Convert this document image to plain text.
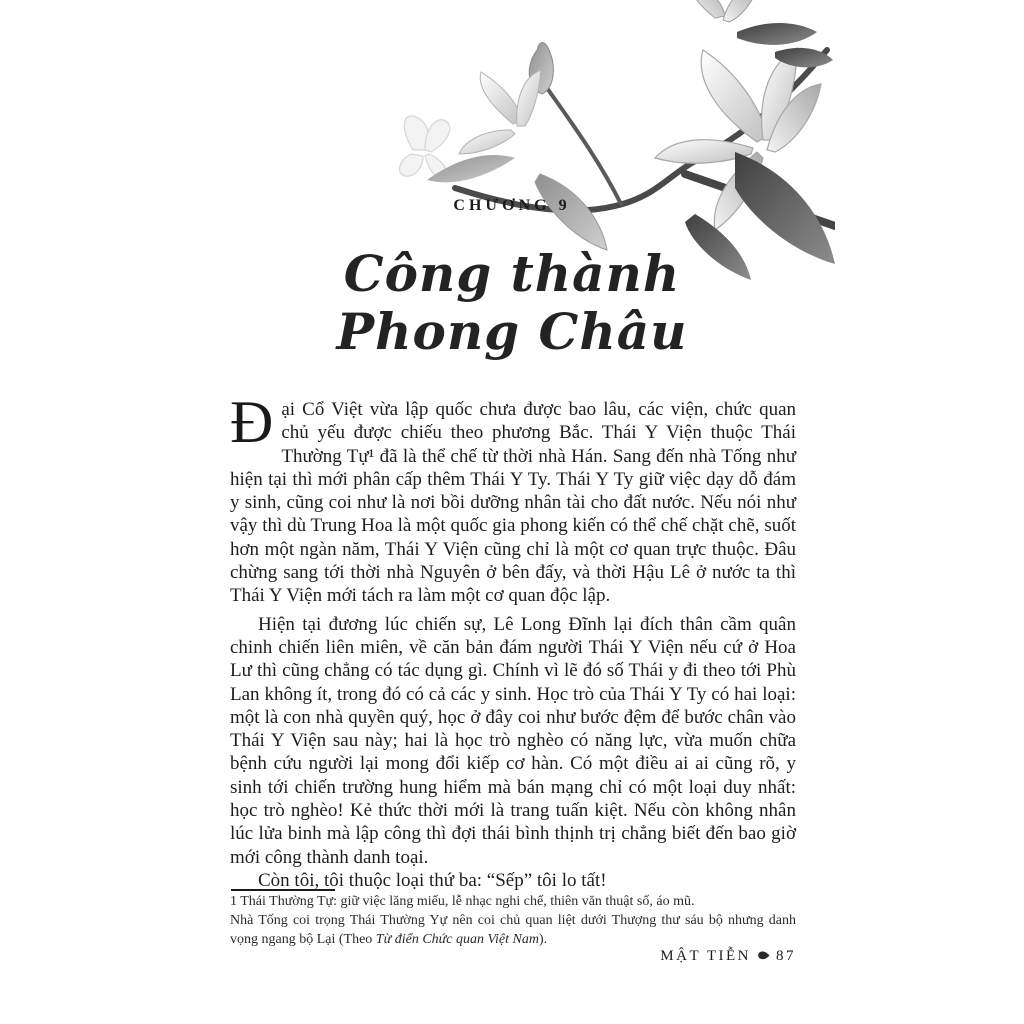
CHƯƠNG 9
Công thành
Phong Châu

Đại Cổ Việt vừa lập quốc chưa được bao lâu, các viện, chức quan chủ yếu được chiếu theo phương Bắc. Thái Y Viện thuộc Thái Thường Tự¹ đã là thể chế từ thời nhà Hán. Sang đến nhà Tống như hiện tại thì mới phân cấp thêm Thái Y Ty. Thái Y Ty giữ việc dạy dỗ đám y sinh, cũng coi như là nơi bồi dưỡng nhân tài cho đất nước. Nếu nói như vậy thì dù Trung Hoa là một quốc gia phong kiến có thể chế chặt chẽ, suốt hơn một ngàn năm, Thái Y Viện cũng chỉ là một cơ quan trực thuộc. Đâu chừng sang tới thời nhà Nguyên ở bên đấy, và thời Hậu Lê ở nước ta thì Thái Y Viện mới tách ra làm một cơ quan độc lập.

Hiện tại đương lúc chiến sự, Lê Long Đĩnh lại đích thân cầm quân chinh chiến liên miên, về căn bản đám người Thái Y Viện nếu cứ ở Hoa Lư thì cũng chẳng có tác dụng gì. Chính vì lẽ đó số Thái y đi theo tới Phù Lan không ít, trong đó có cả các y sinh. Học trò của Thái Y Ty có hai loại: một là con nhà quyền quý, học ở đây coi như bước đệm để bước chân vào Thái Y Viện sau này; hai là học trò nghèo có năng lực, vừa muốn chữa bệnh cứu người lại mong đổi kiếp cơ hàn. Có một điều ai ai cũng rõ, y sinh tới chiến trường hung hiểm mà bán mạng chỉ có một loại duy nhất: học trò nghèo! Kẻ thức thời mới là trang tuấn kiệt. Nếu còn không nhân lúc lửa binh mà lập công thì đợi thái bình thịnh trị chẳng biết đến bao giờ mới công thành danh toại.

Còn tôi, tôi thuộc loại thứ ba: “Sếp” tôi lo tất!

1 Thái Thường Tự: giữ việc lăng miếu, lễ nhạc nghi chế, thiên văn thuật số, áo mũ.
Nhà Tống coi trọng Thái Thường Yự nên coi chủ quan liệt dưới Thượng thư sáu bộ nhưng danh vọng ngang bộ Lại (Theo Từ điển Chức quan Việt Nam).
MẬT TIỄN 87
